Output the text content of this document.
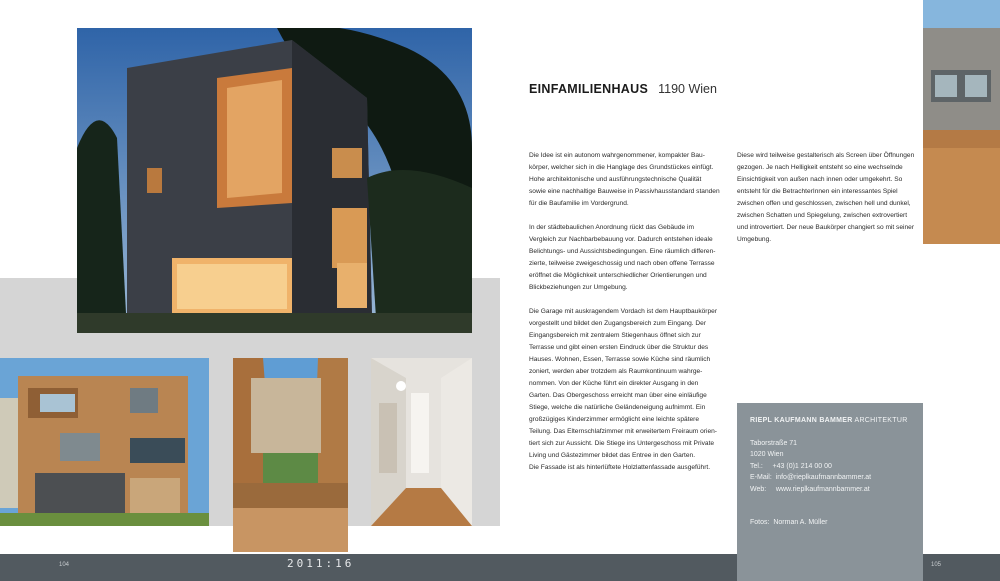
EINFAMILIENHAUS 1190 Wien

Die Idee ist ein autonom wahrgenommener, kompakter Bau-
körper, welcher sich in die Hanglage des Grundstückes einfügt.
Hohe architektonische und ausführungstechnische Qualität
sowie eine nachhaltige Bauweise in Passivhausstandard standen
für die Baufamilie im Vordergrund.

In der städtebaulichen Anordnung rückt das Gebäude im
Vergleich zur Nachbarbebauung vor. Dadurch entstehen ideale
Belichtungs- und Aussichtsbedingungen. Eine räumlich differen-
zierte, teilweise zweigeschossig und nach oben offene Terrasse
eröffnet die Möglichkeit unterschiedlicher Orientierungen und
Blickbeziehungen zur Umgebung.

Die Garage mit auskragendem Vordach ist dem Hauptbaukörper
vorgestellt und bildet den Zugangsbereich zum Eingang. Der
Eingangsbereich mit zentralem Stiegenhaus öffnet sich zur
Terrasse und gibt einen ersten Eindruck über die Struktur des
Hauses. Wohnen, Essen, Terrasse sowie Küche sind räumlich
zoniert, werden aber trotzdem als Raumkontinuum wahrge-
nommen. Von der Küche führt ein direkter Ausgang in den
Garten. Das Obergeschoss erreicht man über eine einläufige
Stiege, welche die natürliche Geländeneigung aufnimmt. Ein
großzügiges Kinderzimmer ermöglicht eine leichte spätere
Teilung. Das Elternschlafzimmer mit erweitertem Freiraum orien-
tiert sich zur Aussicht. Die Stiege ins Untergeschoss mit Private
Living und Gästezimmer bildet das Entree in den Garten.
Die Fassade ist als hinterlüftete Holzlattenfassade ausgeführt.

Diese wird teilweise gestalterisch als Screen über Öffnungen
gezogen. Je nach Helligkeit entsteht so eine wechselnde
Einsichtigkeit von außen nach innen oder umgekehrt. So
entsteht für die BetrachterInnen ein interessantes Spiel
zwischen offen und geschlossen, zwischen hell und dunkel,
zwischen Schatten und Spiegelung, zwischen extrovertiert
und introvertiert. Der neue Baukörper changiert so mit seiner
Umgebung.

RIEPL KAUFMANN BAMMER ARCHITEKTUR
Taborstraße 71
1020 Wien
Tel.:     +43 (0)1 214 00 00
E-Mail:  info@rieplkaufmannbammer.at
Web:     www.rieplkaufmannbammer.at
Fotos:  Norman A. Müller
104	2011:16	105
